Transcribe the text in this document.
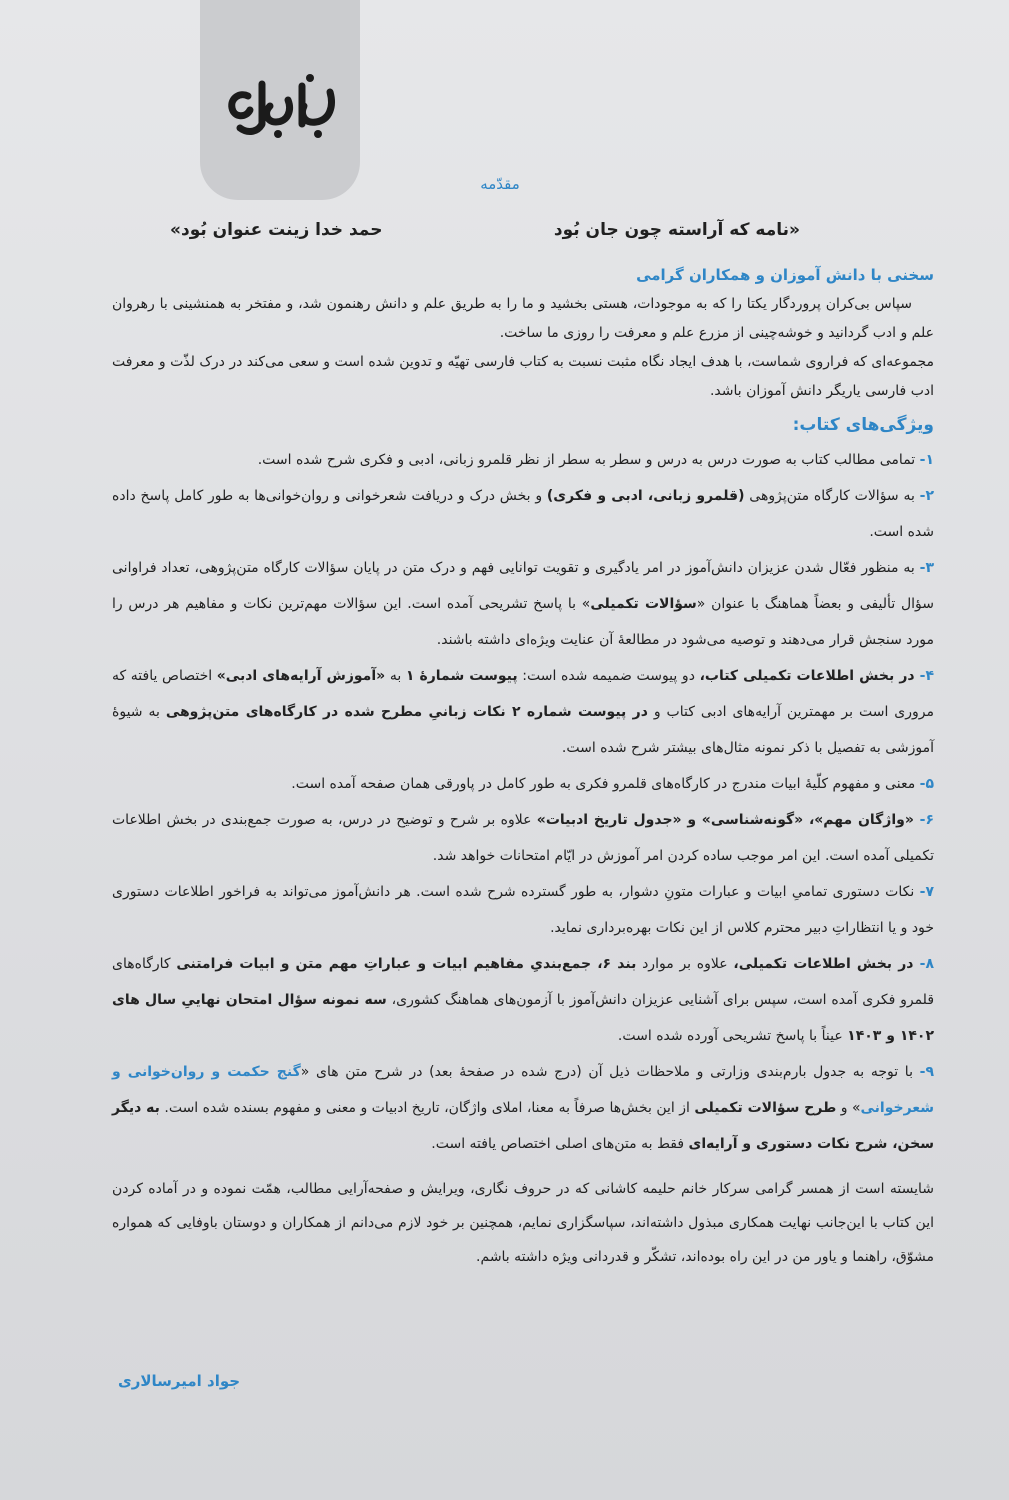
مقدّمه
«نامه که آراسته چون جان بُود
حمد خدا زینت عنوان بُود»

سخنی با دانش آموزان و همکاران گرامی

سپاس بی‌کران پروردگار یکتا را که به موجودات، هستی بخشید و ما را به طریق علم و دانش رهنمون شد، و مفتخر به همنشینی با رهروان علم و ادب گردانید و خوشه‌چینی از مزرع علم و معرفت را روزی ما ساخت.

مجموعه‌ای که فراروی شماست، با هدف ایجاد نگاه مثبت نسبت به کتاب فارسی تهیّه و تدوین شده است و سعی می‌کند در درک لذّت و معرفت ادب فارسی یاریگر دانش آموزان باشد.

ویژگی‌های کتاب:

۱- تمامی مطالب کتاب به صورت درس به درس و سطر به سطر از نظر قلمرو زبانی، ادبی و فکری شرح شده است.

۲- به سؤالات کارگاه متن‌پژوهی (قلمرو زبانی، ادبی و فکری) و بخش درک و دریافت شعرخوانی و روان‌خوانی‌ها به طور کامل پاسخ داده شده است.

۳- به منظور فعّال شدن عزیزان دانش‌آموز در امر یادگیری و تقویت توانایی فهم و درک متن در پایان سؤالات کارگاه متن‌پژوهی، تعداد فراوانی سؤال تألیفی و بعضاً هماهنگ با عنوان «سؤالات تکمیلی» با پاسخ تشریحی آمده است. این سؤالات مهم‌ترین نکات و مفاهیم هر درس را مورد سنجش قرار می‌دهند و توصیه می‌شود در مطالعهٔ آن عنایت ویژه‌ای داشته باشند.

۴- در بخش اطلاعات تکمیلی کتاب، دو پیوست ضمیمه شده است: پیوست شمارهٔ ۱ به «آموزش آرایه‌های ادبی» اختصاص یافته که مروری است بر مهمترین آرایه‌های ادبی کتاب و در پیوست شماره ۲ نکات زبانیِ مطرح شده در کارگاه‌های متن‌پژوهی به شیوهٔ آموزشی به تفصیل با ذکر نمونه مثال‌های بیشتر شرح شده است.

۵- معنی و مفهوم کلّیهٔ ابیات مندرج در کارگاه‌های قلمرو فکری به طور کامل در پاورقی همان صفحه آمده است.

۶- «واژگان مهم»، «گونه‌شناسی» و «جدول تاریخ ادبیات» علاوه بر شرح و توضیح در درس، به صورت جمع‌بندی در بخش اطلاعات تکمیلی آمده است. این امر موجب ساده کردن امر آموزش در ایّام امتحانات خواهد شد.

۷- نکات دستوری تمامیِ ابیات و عبارات متونِ دشوار، به طور گسترده شرح شده است. هر دانش‌آموز می‌تواند به فراخور اطلاعات دستوری خود و یا انتظاراتِ دبیر محترم کلاس از این نکات بهره‌برداری نماید.

۸- در بخش اطلاعات تکمیلی، علاوه بر موارد بند ۶، جمع‌بندیِ مفاهیم ابیات و عباراتِ مهم متن و ابیات فرامتنی کارگاه‌های قلمرو فکری آمده است، سپس برای آشنایی عزیزان دانش‌آموز با آزمون‌های هماهنگ کشوری، سه نمونه سؤال امتحان نهاییِ سال های ۱۴۰۲ و ۱۴۰۳ عیناً با پاسخ تشریحی آورده شده است.

۹- با توجه به جدول بارم‌بندی وزارتی و ملاحظات ذیل آن (درج شده در صفحهٔ بعد) در شرح متن های «گنج حکمت و روان‌خوانی و شعرخوانی» و طرح سؤالات تکمیلی از این بخش‌ها صرفاً به معنا، املای واژگان، تاریخ ادبیات و معنی و مفهوم بسنده شده است. به دیگر سخن، شرح نکات دستوری و آرایه‌ای فقط به متن‌های اصلی اختصاص یافته است.

شایسته است از همسر گرامی سرکار خانم حلیمه کاشانی که در حروف نگاری، ویرایش و صفحه‌آرایی مطالب، همّت نموده و در آماده کردن این کتاب با این‌جانب نهایت همکاری مبذول داشته‌اند، سپاسگزاری نمایم، همچنین بر خود لازم می‌دانم از همکاران و دوستان باوفایی که همواره مشوّق، راهنما و یاور من در این راه بوده‌اند، تشکّر و قدردانی ویژه داشته باشم.

جواد امیرسالاری
